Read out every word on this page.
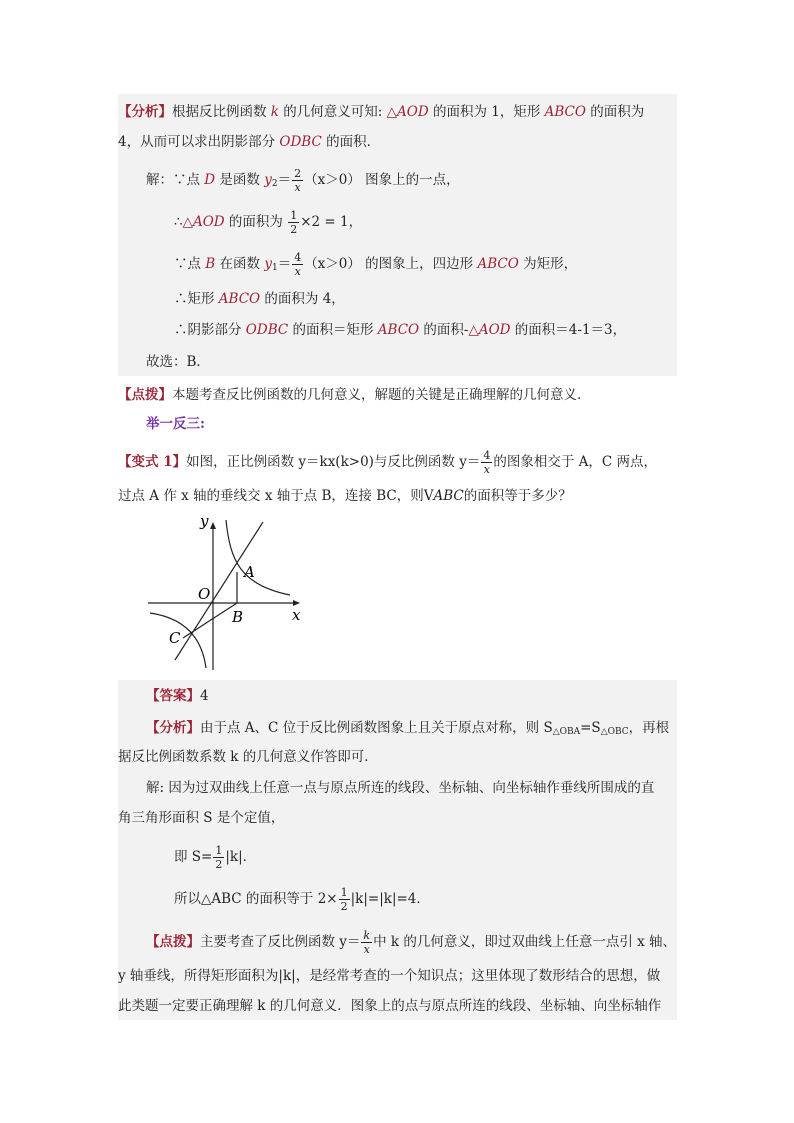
【分析】根据反比例函数 k 的几何意义可知: △AOD 的面积为 1，矩形 ABCO 的面积为
4，从而可以求出阴影部分 ODBC 的面积．
解：∵点 D 是函数 $y_2= \frac{2}{x} (x>0)$ 图象上的一点，
∴△AOD 的面积为 $\frac{1}{2} \times 2 = 1$，
∵点 B 在函数 $y_1= \frac{4}{x} (x>0)$ 的图象上，四边形 ABCO 为矩形，
∴矩形 ABCO 的面积为 4，
∴阴影部分 ODBC 的面积＝矩形 ABCO 的面积-△AOD 的面积＝4-1＝3，
故选：B．
【点拨】本题考查反比例函数的几何意义，解题的关键是正确理解的几何意义．
举一反三:
【变式 1】如图，正比例函数 y＝kx(k>0)与反比例函数 $y= \frac{4}{x}$ 的图象相交于 A，C 两点，
过点 A 作 x 轴的垂线交 x 轴于点 B，连接 BC，则VABC的面积等于多少？
y
x
O
A
B
C
【答案】4
【分析】由于点 A、C 位于反比例函数图象上且关于原点对称，则 $S_{\triangle OBA}=S_{\triangle OBC}$，再根
据反比例函数系数 k 的几何意义作答即可．
解: 因为过双曲线上任意一点与原点所连的线段、坐标轴、向坐标轴作垂线所围成的直
角三角形面积 S 是个定值，
即 $S= \frac{1}{2} |k|$．
所以△ABC 的面积等于 $2\times \frac{1}{2} |k|=|k|=4$．
【点拨】主要考查了反比例函数 $y= \frac{k}{x}$ 中 k 的几何意义，即过双曲线上任意一点引 x 轴、
y 轴垂线，所得矩形面积为|k|，是经常考查的一个知识点；这里体现了数形结合的思想，做
此类题一定要正确理解 k 的几何意义．图象上的点与原点所连的线段、坐标轴、向坐标轴作
